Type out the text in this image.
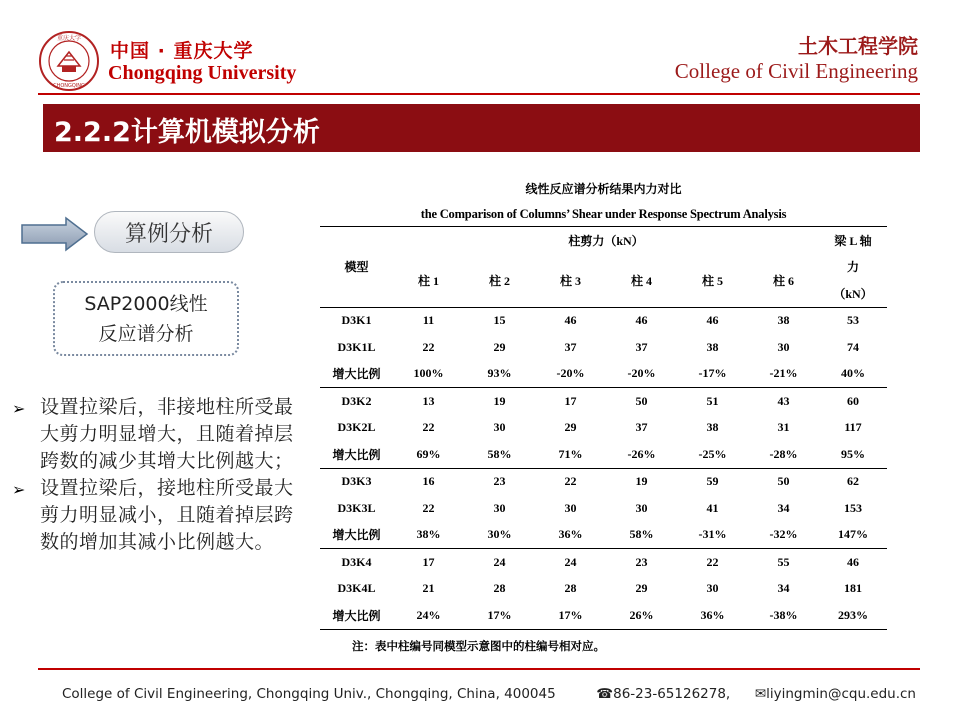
重庆大学
CHONGQING
中国 · 重庆大学
Chongqing University
土木工程学院
College of Civil Engineering
2.2.2计算机模拟分析
算例分析
SAP2000线性
反应谱分析
➢ 设置拉梁后，非接地柱所受最大剪力明显增大，且随着掉层跨数的减少其增大比例越大；
➢ 设置拉梁后，接地柱所受最大剪力明显减小，且随着掉层跨数的增加其减小比例越大。
线性反应谱分析结果内力对比
the Comparison of Columns’ Shear under Response Spectrum Analysis
模型	柱剪力（kN）						梁 L 轴
	柱 1	柱 2	柱 3	柱 4	柱 5	柱 6	力
							（kN）
D3K1	11	15	46	46	46	38	53
D3K1L	22	29	37	37	38	30	74
增大比例	100%	93%	-20%	-20%	-17%	-21%	40%
D3K2	13	19	17	50	51	43	60
D3K2L	22	30	29	37	38	31	117
增大比例	69%	58%	71%	-26%	-25%	-28%	95%
D3K3	16	23	22	19	59	50	62
D3K3L	22	30	30	30	41	34	153
增大比例	38%	30%	36%	58%	-31%	-32%	147%
D3K4	17	24	24	23	22	55	46
D3K4L	21	28	28	29	30	34	181
增大比例	24%	17%	17%	26%	36%	-38%	293%
注：表中柱编号同模型示意图中的柱编号相对应。
College of Civil Engineering, Chongqing Univ., Chongqing, China, 400045	☎86-23-65126278, ✉liyingmin@cqu.edu.cn
